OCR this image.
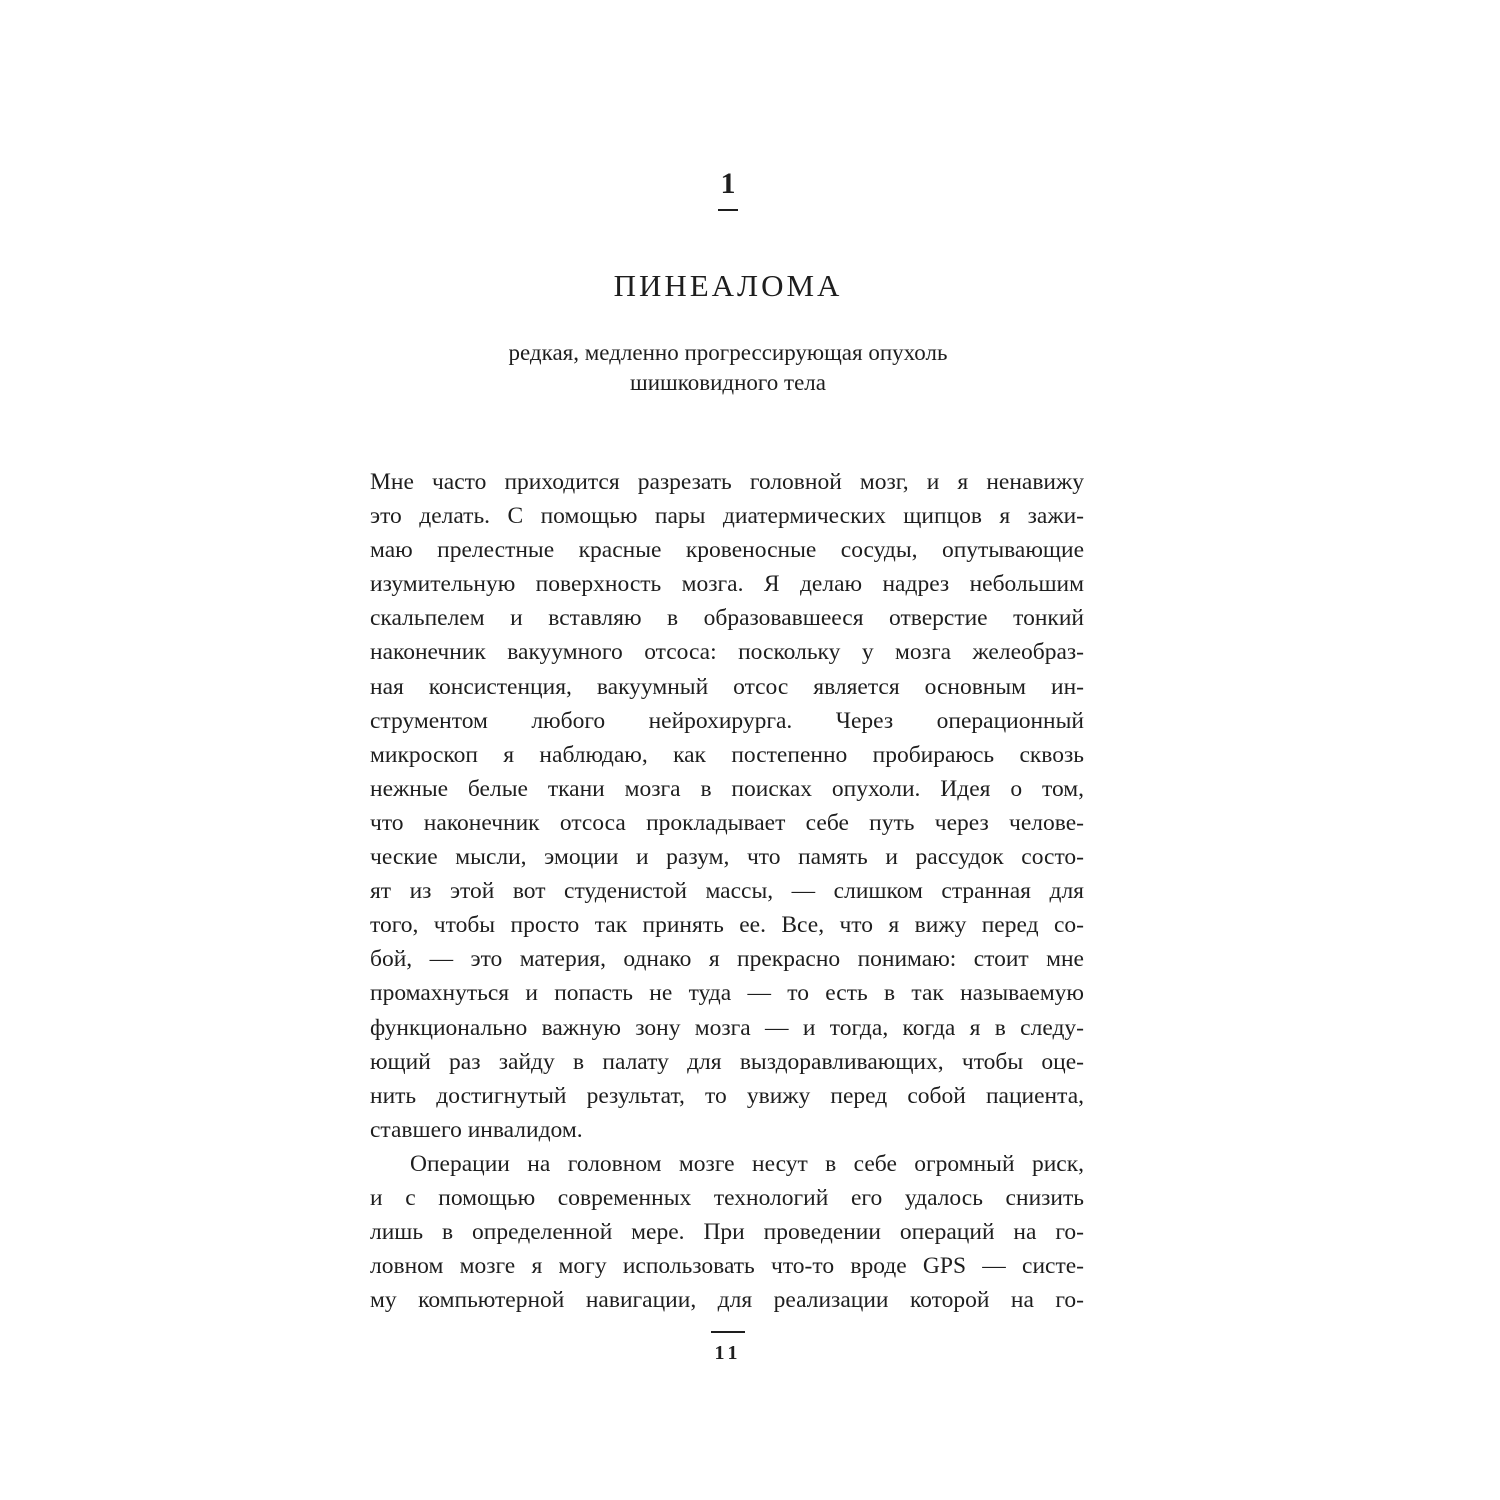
1
ПИНЕАЛОМА
редкая, медленно прогрессирующая опухоль
шишковидного тела

Мне часто приходится разрезать головной мозг, и я ненавижу

это делать. С помощью пары диатермических щипцов я зажи-

маю прелестные красные кровеносные сосуды, опутывающие

изумительную поверхность мозга. Я делаю надрез небольшим

скальпелем и вставляю в образовавшееся отверстие тонкий

наконечник вакуумного отсоса: поскольку у мозга желеобраз-

ная консистенция, вакуумный отсос является основным ин-

струментом любого нейрохирурга. Через операционный

микроскоп я наблюдаю, как постепенно пробираюсь сквозь

нежные белые ткани мозга в поисках опухоли. Идея о том,

что наконечник отсоса прокладывает себе путь через челове-

ческие мысли, эмоции и разум, что память и рассудок состо-

ят из этой вот студенистой массы, — слишком странная для

того, чтобы просто так принять ее. Все, что я вижу перед со-

бой, — это материя, однако я прекрасно понимаю: стоит мне

промахнуться и попасть не туда — то есть в так называемую

функционально важную зону мозга — и тогда, когда я в следу-

ющий раз зайду в палату для выздоравливающих, чтобы оце-

нить достигнутый результат, то увижу перед собой пациента,

ставшего инвалидом.

Операции на головном мозге несут в себе огромный риск,

и с помощью современных технологий его удалось снизить

лишь в определенной мере. При проведении операций на го-

ловном мозге я могу использовать что-то вроде GPS — систе-

му компьютерной навигации, для реализации которой на го-

11
